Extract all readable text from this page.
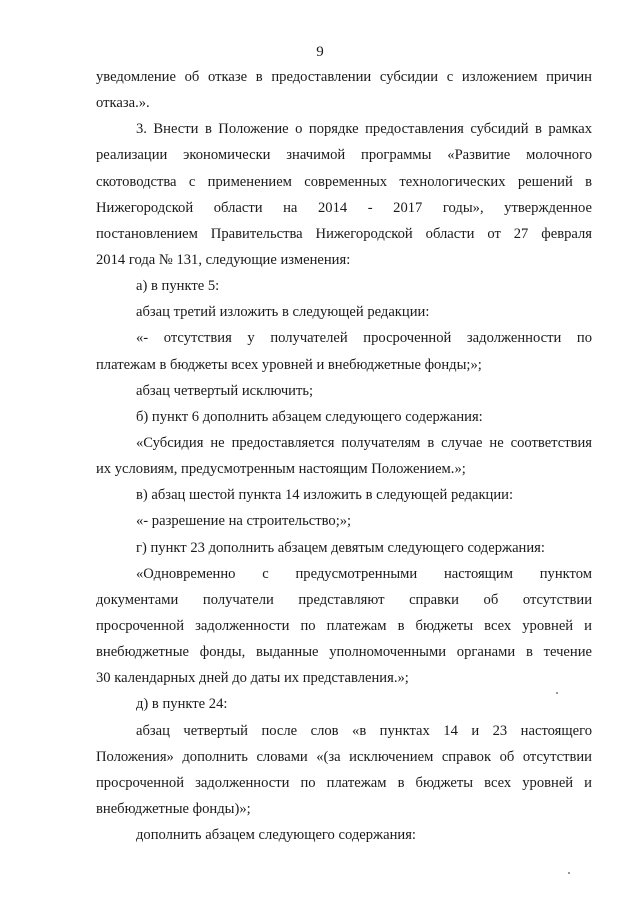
9
уведомление об отказе в предоставлении субсидии с изложением причин
отказа.».
3. Внести в Положение о порядке предоставления субсидий в рамках
реализации экономически значимой программы «Развитие молочного
скотоводства с применением современных технологических решений в
Нижегородской области на 2014 - 2017 годы», утвержденное
постановлением Правительства Нижегородской области от 27 февраля
2014 года № 131, следующие изменения:
а) в пункте 5:
абзац третий изложить в следующей редакции:
«- отсутствия у получателей просроченной задолженности по
платежам в бюджеты всех уровней и внебюджетные фонды;»;
абзац четвертый исключить;
б) пункт 6 дополнить абзацем следующего содержания:
«Субсидия не предоставляется получателям в случае не соответствия
их условиям, предусмотренным настоящим Положением.»;
в) абзац шестой пункта 14 изложить в следующей редакции:
«- разрешение на строительство;»;
г) пункт 23 дополнить абзацем девятым следующего содержания:
«Одновременно с предусмотренными настоящим пунктом
документами получатели представляют справки об отсутствии
просроченной задолженности по платежам в бюджеты всех уровней и
внебюджетные фонды, выданные уполномоченными органами в течение
30 календарных дней до даты их представления.»;
д) в пункте 24:
абзац четвертый после слов «в пунктах 14 и 23 настоящего
Положения» дополнить словами «(за исключением справок об отсутствии
просроченной задолженности по платежам в бюджеты всех уровней и
внебюджетные фонды)»;
дополнить абзацем следующего содержания:
